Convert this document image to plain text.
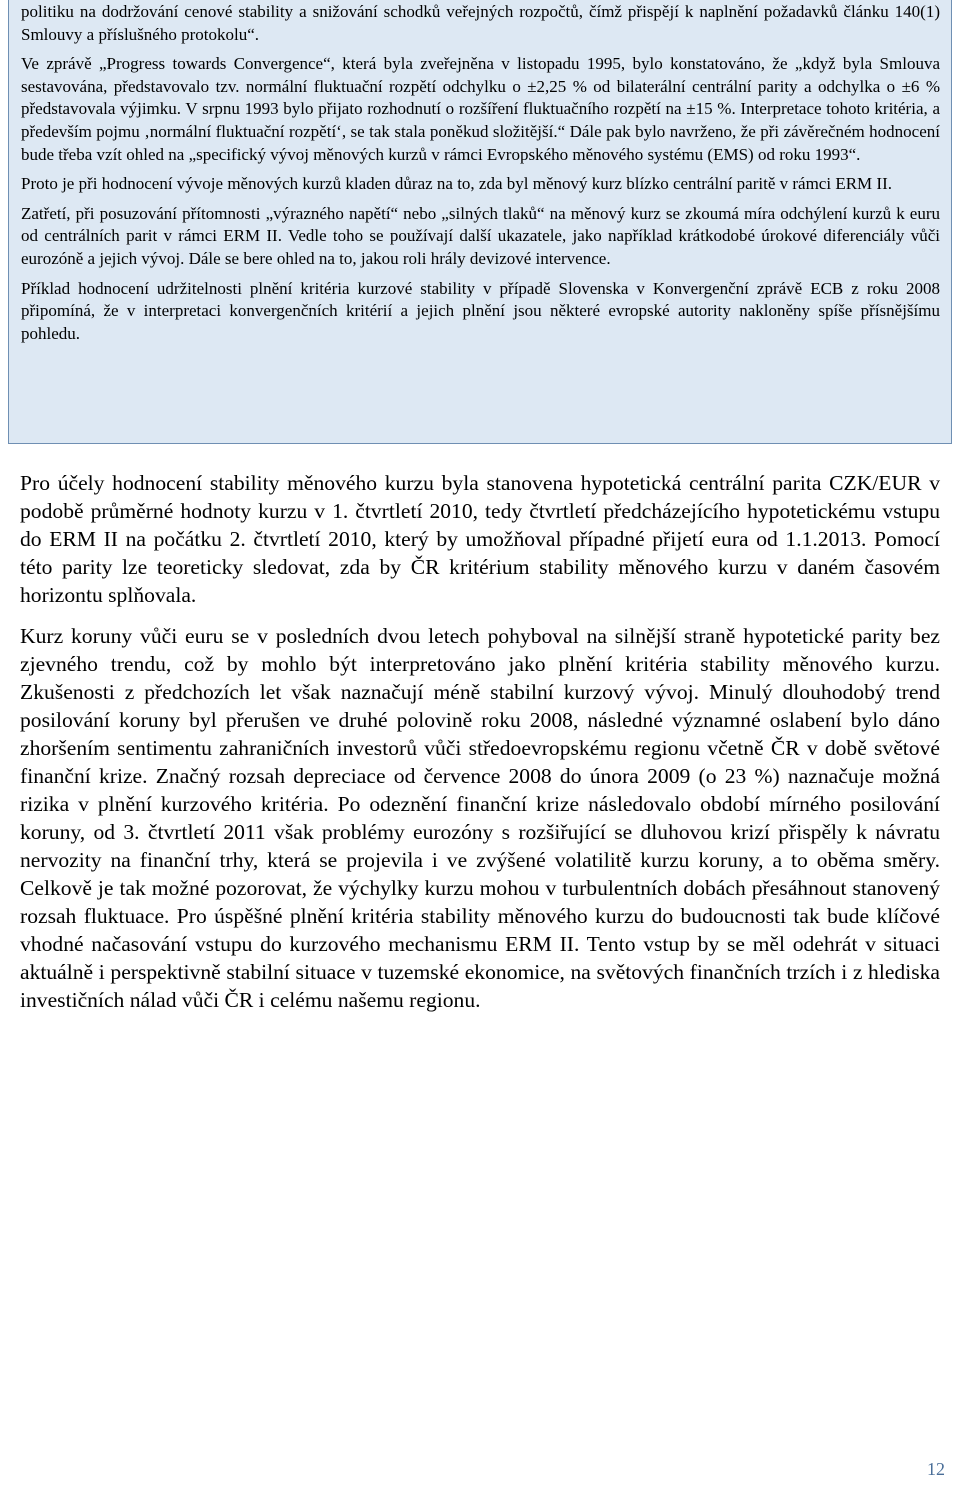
politiku na dodržování cenové stability a snižování schodků veřejných rozpočtů, čímž přispějí k naplnění požadavků článku 140(1) Smlouvy a příslušného protokolu“.

Ve zprávě „Progress towards Convergence“, která byla zveřejněna v listopadu 1995, bylo konstatováno, že „když byla Smlouva sestavována, představovalo tzv. normální fluktuační rozpětí odchylku o ±2,25 % od bilaterální centrální parity a odchylka o ±6 % představovala výjimku. V srpnu 1993 bylo přijato rozhodnutí o rozšíření fluktuačního rozpětí na ±15 %. Interpretace tohoto kritéria, a především pojmu ‚normální fluktuační rozpětí‘, se tak stala poněkud složitější.“ Dále pak bylo navrženo, že při závěrečném hodnocení bude třeba vzít ohled na „specifický vývoj měnových kurzů v rámci Evropského měnového systému (EMS) od roku 1993“.

Proto je při hodnocení vývoje měnových kurzů kladen důraz na to, zda byl měnový kurz blízko centrální paritě v rámci ERM II.

Zatřetí, při posuzování přítomnosti „výrazného napětí“ nebo „silných tlaků“ na měnový kurz se zkoumá míra odchýlení kurzů k euru od centrálních parit v rámci ERM II. Vedle toho se používají další ukazatele, jako například krátkodobé úrokové diferenciály vůči eurozóně a jejich vývoj. Dále se bere ohled na to, jakou roli hrály devizové intervence.

Příklad hodnocení udržitelnosti plnění kritéria kurzové stability v případě Slovenska v Konvergenční zprávě ECB z roku 2008 připomíná, že v interpretaci konvergenčních kritérií a jejich plnění jsou některé evropské autority nakloněny spíše přísnějšímu pohledu.

Pro účely hodnocení stability měnového kurzu byla stanovena hypotetická centrální parita CZK/EUR v podobě průměrné hodnoty kurzu v 1. čtvrtletí 2010, tedy čtvrtletí předcházejícího hypotetickému vstupu do ERM II na počátku 2. čtvrtletí 2010, který by umožňoval případné přijetí eura od 1.1.2013. Pomocí této parity lze teoreticky sledovat, zda by ČR kritérium stability měnového kurzu v daném časovém horizontu splňovala.

Kurz koruny vůči euru se v posledních dvou letech pohyboval na silnější straně hypotetické parity bez zjevného trendu, což by mohlo být interpretováno jako plnění kritéria stability měnového kurzu. Zkušenosti z předchozích let však naznačují méně stabilní kurzový vývoj. Minulý dlouhodobý trend posilování koruny byl přerušen ve druhé polovině roku 2008, následné významné oslabení bylo dáno zhoršením sentimentu zahraničních investorů vůči středoevropskému regionu včetně ČR v době světové finanční krize. Značný rozsah depreciace od července 2008 do února 2009 (o 23 %) naznačuje možná rizika v plnění kurzového kritéria. Po odeznění finanční krize následovalo období mírného posilování koruny, od 3. čtvrtletí 2011 však problémy eurozóny s rozšiřující se dluhovou krizí přispěly k návratu nervozity na finanční trhy, která se projevila i ve zvýšené volatilitě kurzu koruny, a to oběma směry. Celkově je tak možné pozorovat, že výchylky kurzu mohou v turbulentních dobách přesáhnout stanovený rozsah fluktuace. Pro úspěšné plnění kritéria stability měnového kurzu do budoucnosti tak bude klíčové vhodné načasování vstupu do kurzového mechanismu ERM II. Tento vstup by se měl odehrát v situaci aktuálně i perspektivně stabilní situace v tuzemské ekonomice, na světových finančních trzích i z hlediska investičních nálad vůči ČR i celému našemu regionu.

12
